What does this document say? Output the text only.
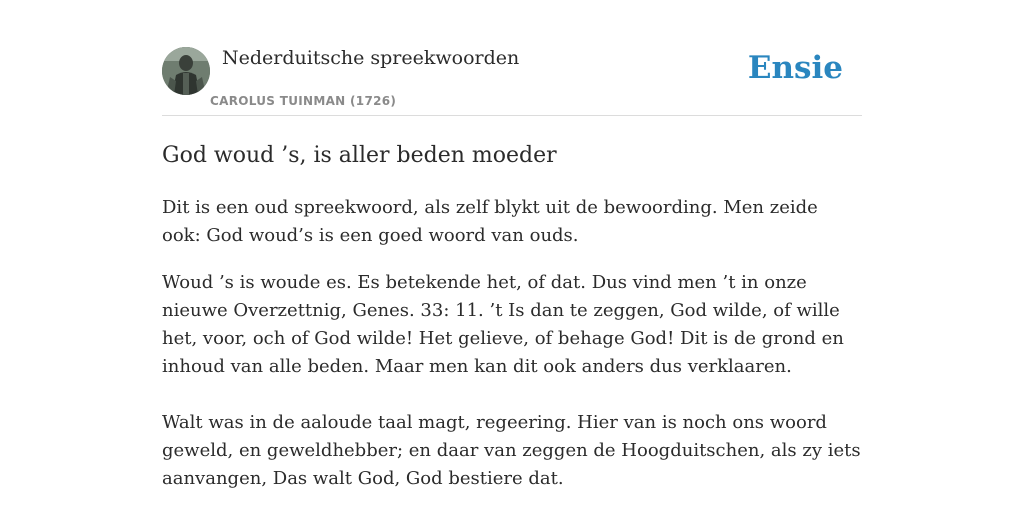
Nederduitsche spreekwoorden
CAROLUS TUINMAN (1726)
Ensie
God woud ’s, is aller beden moeder

Dit is een oud spreekwoord, als zelf blykt uit de bewoording. Men zeide ook: God woud’s is een goed woord van ouds.

Woud ’s is woude es. Es betekende het, of dat. Dus vind men ’t in onze nieuwe Overzettnig, Genes. 33: 11. ’t Is dan te zeggen, God wilde, of wille het, voor, och of God wilde! Het gelieve, of behage God! Dit is de grond en inhoud van alle beden. Maar men kan dit ook anders dus verklaaren.

Walt was in de aaloude taal magt, regeering. Hier van is noch ons woord geweld, en geweldhebber; en daar van zeggen de Hoogduitschen, als zy iets aanvangen, Das walt God, God bestiere dat.
